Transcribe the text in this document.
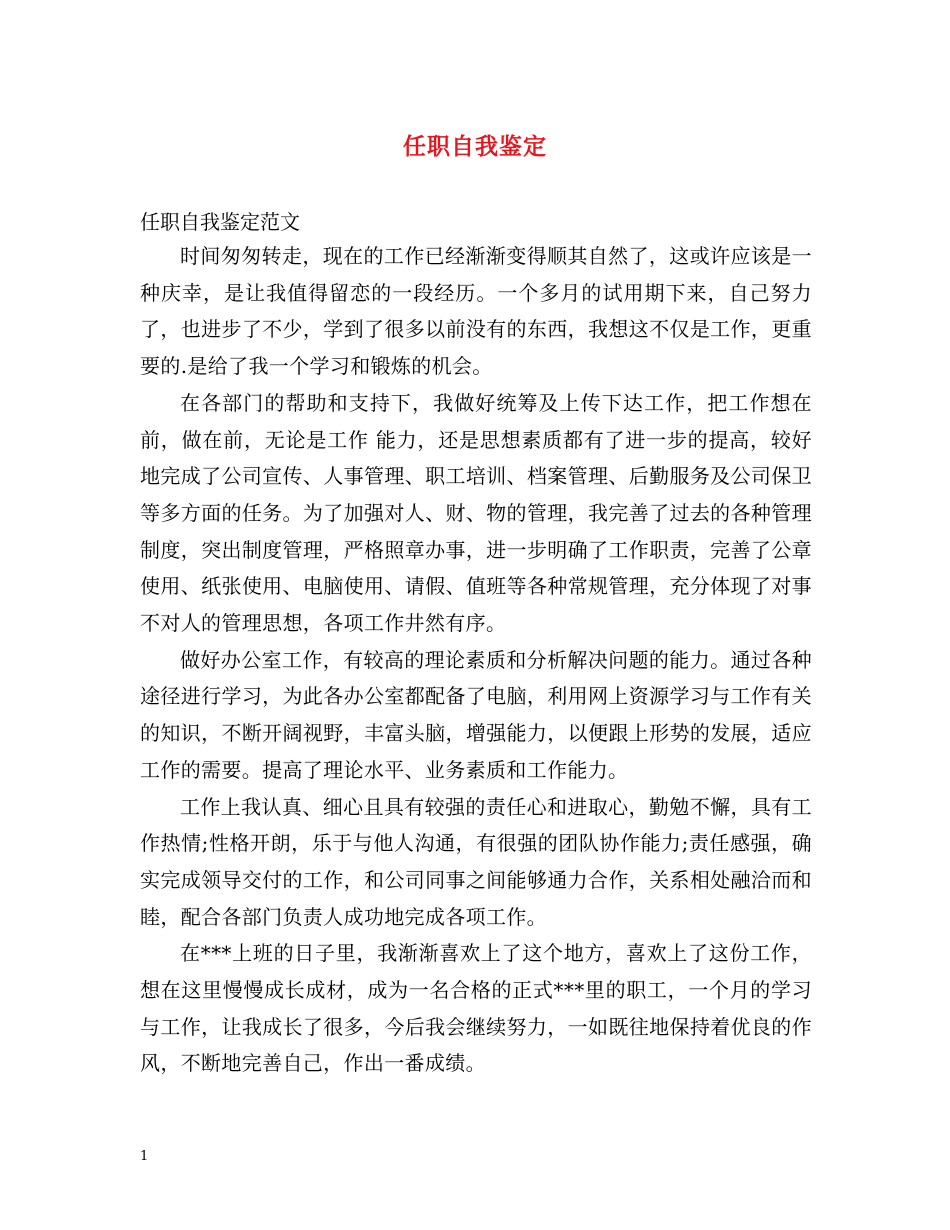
任职自我鉴定
任职自我鉴定范文

时间匆匆转走，现在的工作已经渐渐变得顺其自然了，这或许应该是一种庆幸，是让我值得留恋的一段经历。一个多月的试用期下来，自己努力了，也进步了不少，学到了很多以前没有的东西，我想这不仅是工作，更重要的.是给了我一个学习和锻炼的机会。

在各部门的帮助和支持下，我做好统筹及上传下达工作，把工作想在前，做在前，无论是工作 能力，还是思想素质都有了进一步的提高，较好地完成了公司宣传、人事管理、职工培训、档案管理、后勤服务及公司保卫等多方面的任务。为了加强对人、财、物的管理，我完善了过去的各种管理制度，突出制度管理，严格照章办事，进一步明确了工作职责，完善了公章使用、纸张使用、电脑使用、请假、值班等各种常规管理，充分体现了对事不对人的管理思想，各项工作井然有序。

做好办公室工作，有较高的理论素质和分析解决问题的能力。通过各种途径进行学习，为此各办公室都配备了电脑，利用网上资源学习与工作有关的知识，不断开阔视野，丰富头脑，增强能力，以便跟上形势的发展，适应工作的需要。提高了理论水平、业务素质和工作能力。

工作上我认真、细心且具有较强的责任心和进取心，勤勉不懈，具有工作热情;性格开朗，乐于与他人沟通，有很强的团队协作能力;责任感强，确实完成领导交付的工作，和公司同事之间能够通力合作，关系相处融洽而和睦，配合各部门负责人成功地完成各项工作。

在***上班的日子里，我渐渐喜欢上了这个地方，喜欢上了这份工作，想在这里慢慢成长成材，成为一名合格的正式***里的职工，一个月的学习与工作，让我成长了很多，今后我会继续努力，一如既往地保持着优良的作风，不断地完善自己，作出一番成绩。

1
